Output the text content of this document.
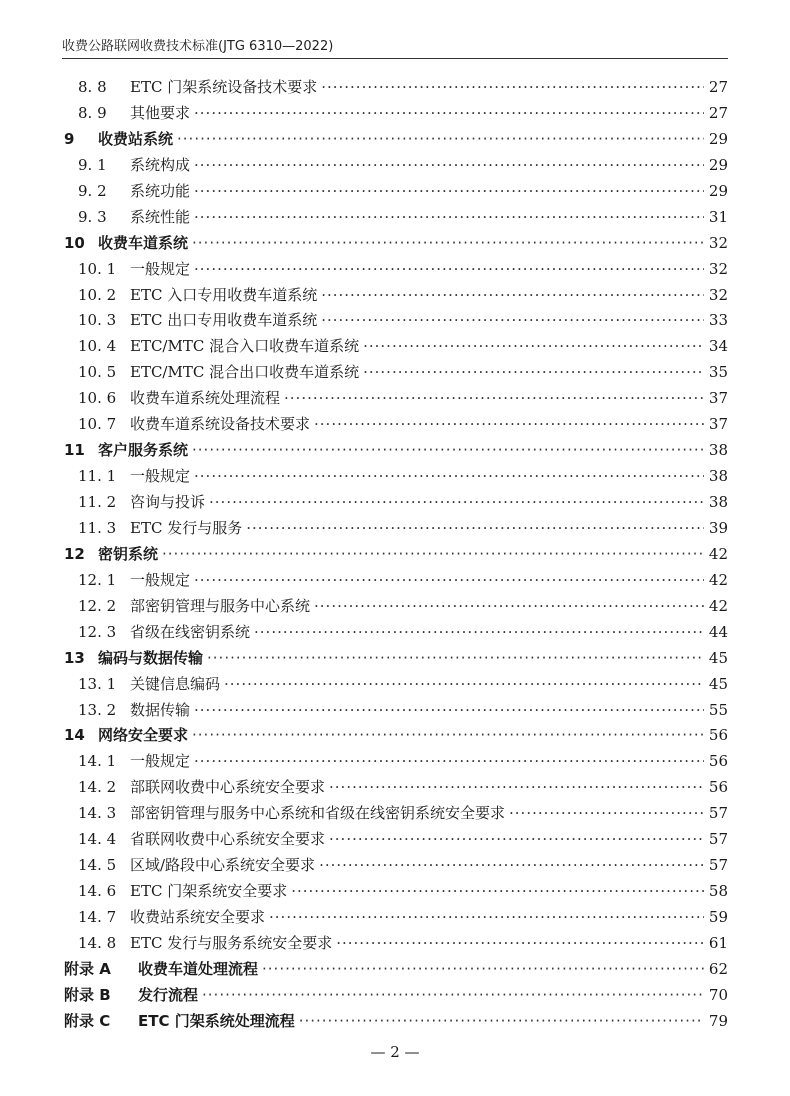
收费公路联网收费技术标准(JTG 6310—2022)
8. 8	ETC 门架系统设备技术要求 ·····	27
8. 9	其他要求 ·····	27
9	收费站系统 ·····	29
9. 1	系统构成 ·····	29
9. 2	系统功能 ·····	29
9. 3	系统性能 ·····	31
10 收费车道系统 ·····	32
10. 1 一般规定 ·····	32
10. 2 ETC 入口专用收费车道系统 ·····	32
10. 3 ETC 出口专用收费车道系统 ·····	33
10. 4 ETC/MTC 混合入口收费车道系统 ·····	34
10. 5 ETC/MTC 混合出口收费车道系统 ·····	35
10. 6 收费车道系统处理流程 ·····	37
10. 7 收费车道系统设备技术要求 ·····	37
11 客户服务系统 ·····	38
11. 1 一般规定 ·····	38
11. 2 咨询与投诉 ·····	38
11. 3 ETC 发行与服务 ·····	39
12 密钥系统 ·····	42
12. 1 一般规定 ·····	42
12. 2 部密钥管理与服务中心系统 ·····	42
12. 3 省级在线密钥系统 ·····	44
13 编码与数据传输 ·····	45
13. 1 关键信息编码 ·····	45
13. 2 数据传输 ·····	55
14 网络安全要求 ·····	56
14. 1 一般规定 ·····	56
14. 2 部联网收费中心系统安全要求 ·····	56
14. 3 部密钥管理与服务中心系统和省级在线密钥系统安全要求 ·····	57
14. 4 省联网收费中心系统安全要求 ·····	57
14. 5 区域/路段中心系统安全要求 ·····	57
14. 6 ETC 门架系统安全要求 ·····	58
14. 7 收费站系统安全要求 ·····	59
14. 8 ETC 发行与服务系统安全要求 ·····	61
附录 A	收费车道处理流程 ·····	62
附录 B	发行流程 ·····	70
附录 C	ETC 门架系统处理流程 ·····	79
— 2 —
